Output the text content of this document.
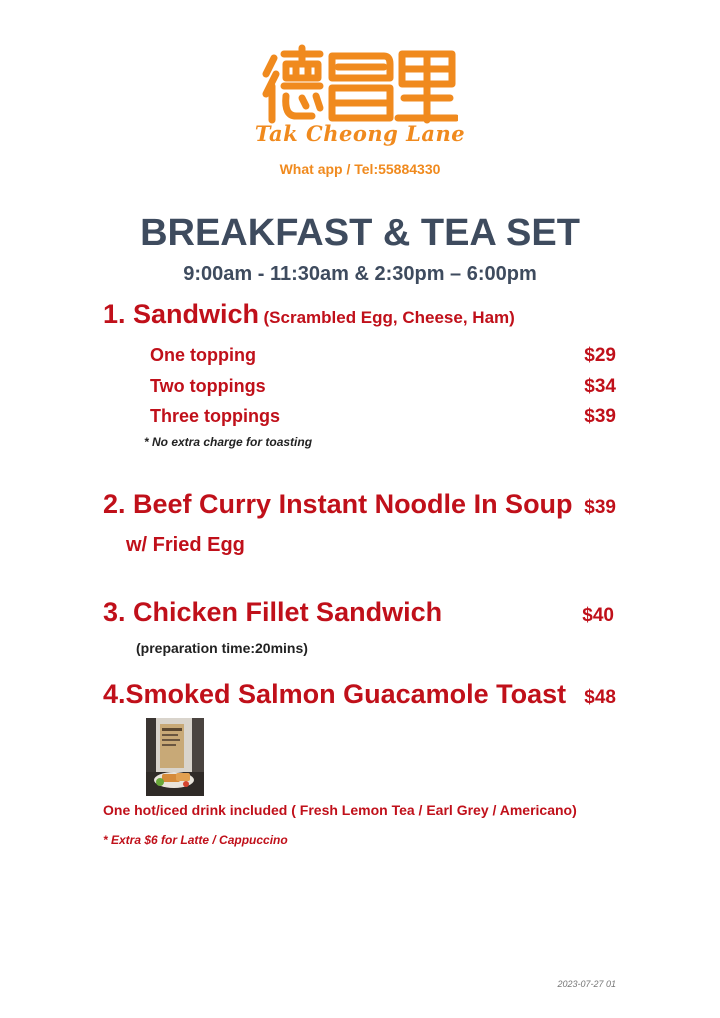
Tak Cheong Lane
What app / Tel:55884330
BREAKFAST & TEA SET
9:00am - 11:30am & 2:30pm – 6:00pm
1. Sandwich (Scrambled Egg, Cheese, Ham)
One topping	$29
Two toppings	$34
Three toppings	$39
* No extra charge for toasting
2. Beef Curry Instant Noodle In Soup $39
w/ Fried Egg
3. Chicken Fillet Sandwich	$40
(preparation time:20mins)
4.Smoked Salmon Guacamole Toast $48
One hot/iced drink included ( Fresh Lemon Tea / Earl Grey / Americano)
* Extra $6 for Latte / Cappuccino
2023-07-27 01
